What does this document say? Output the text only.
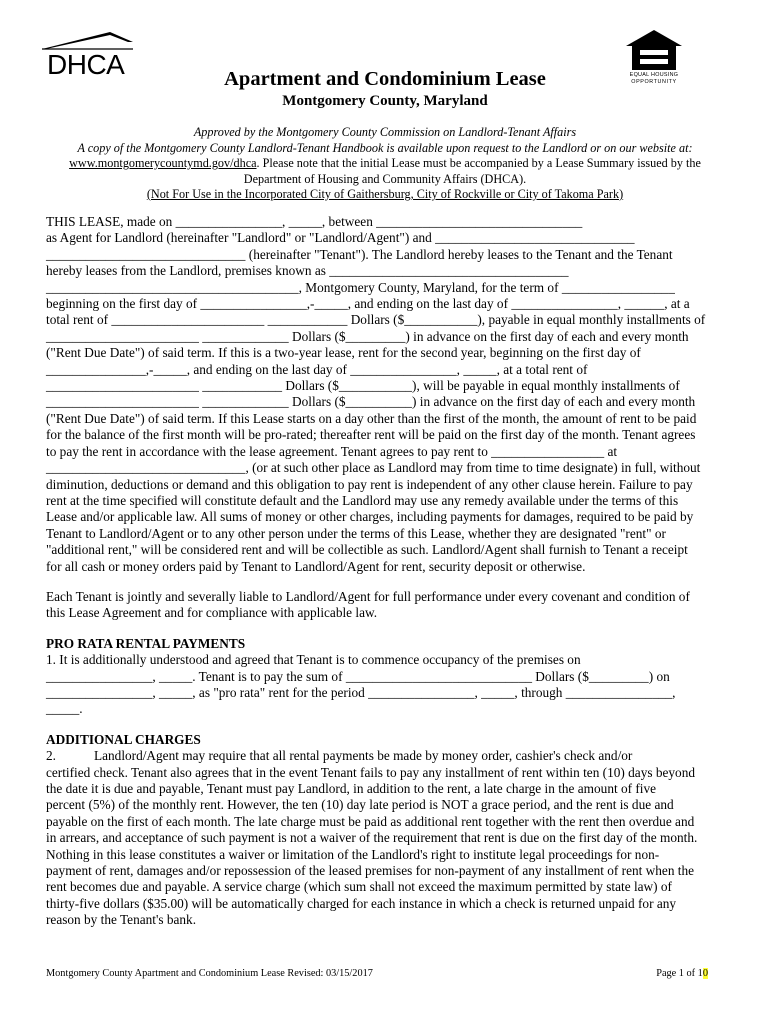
DHCA	EQUAL HOUSING
OPPORTUNITY
Apartment and Condominium Lease
Montgomery County, Maryland
Approved by the Montgomery County Commission on Landlord-Tenant Affairs
A copy of the Montgomery County Landlord-Tenant Handbook is available upon request to the Landlord or on our website at:
www.montgomerycountymd.gov/dhca. Please note that the initial Lease must be accompanied by a Lease Summary issued by the
Department of Housing and Community Affairs (DHCA).
(Not For Use in the Incorporated City of Gaithersburg, City of Rockville or City of Takoma Park)

THIS LEASE, made on ________________, _____, between _______________________________

as Agent for Landlord (hereinafter "Landlord" or "Landlord/Agent") and ______________________________

______________________________ (hereinafter "Tenant"). The Landlord hereby leases to the Tenant and the Tenant

hereby leases from the Landlord, premises known as ____________________________________

______________________________________, Montgomery County, Maryland, for the term of _________________

beginning on the first day of ________________,-_____, and ending on the last day of ________________, ______, at a

total rent of _______________________ ____________ Dollars ($___________), payable in equal monthly installments of

_______________________ _____________ Dollars ($_________) in advance on the first day of each and every month

("Rent Due Date") of said term. If this is a two-year lease, rent for the second year, beginning on the first day of

_______________,-_____, and ending on the last day of ________________, _____, at a total rent of

_______________________ ____________ Dollars ($___________), will be payable in equal monthly installments of

_______________________ _____________ Dollars ($__________) in advance on the first day of each and every month

("Rent Due Date") of said term. If this Lease starts on a day other than the first of the month, the amount of rent to be paid

for the balance of the first month will be pro-rated; thereafter rent will be paid on the first day of the month. Tenant agrees

to pay the rent in accordance with the lease agreement. Tenant agrees to pay rent to _________________ at

______________________________, (or at such other place as Landlord may from time to time designate) in full, without

diminution, deductions or demand and this obligation to pay rent is independent of any other clause herein. Failure to pay

rent at the time specified will constitute default and the Landlord may use any remedy available under the terms of this

Lease and/or applicable law. All sums of money or other charges, including payments for damages, required to be paid by

Tenant to Landlord/Agent or to any other person under the terms of this Lease, whether they are designated "rent" or

"additional rent," will be considered rent and will be collectible as such. Landlord/Agent shall furnish to Tenant a receipt

for all cash or money orders paid by Tenant to Landlord/Agent for rent, security deposit or otherwise.

Each Tenant is jointly and severally liable to Landlord/Agent for full performance under every covenant and condition of

this Lease Agreement and for compliance with applicable law.

PRO RATA RENTAL PAYMENTS

1. It is additionally understood and agreed that Tenant is to commence occupancy of the premises on

________________, _____. Tenant is to pay the sum of ____________________________ Dollars ($_________) on

________________, _____, as "pro rata" rent for the period ________________, _____, through ________________,

_____.

ADDITIONAL CHARGES

2.	Landlord/Agent may require that all rental payments be made by money order, cashier's check and/or

certified check. Tenant also agrees that in the event Tenant fails to pay any installment of rent within ten (10) days beyond

the date it is due and payable, Tenant must pay Landlord, in addition to the rent, a late charge in the amount of five

percent (5%) of the monthly rent. However, the ten (10) day late period is NOT a grace period, and the rent is due and

payable on the first of each month. The late charge must be paid as additional rent together with the rent then overdue and

in arrears, and acceptance of such payment is not a waiver of the requirement that rent is due on the first day of the month.

Nothing in this lease constitutes a waiver or limitation of the Landlord's right to institute legal proceedings for non-

payment of rent, damages and/or repossession of the leased premises for non-payment of any installment of rent when the

rent becomes due and payable. A service charge (which sum shall not exceed the maximum permitted by state law) of

thirty-five dollars ($35.00) will be automatically charged for each instance in which a check is returned unpaid for any

reason by the Tenant's bank.

Montgomery County Apartment and Condominium Lease Revised: 03/15/2017	Page 1 of 10
